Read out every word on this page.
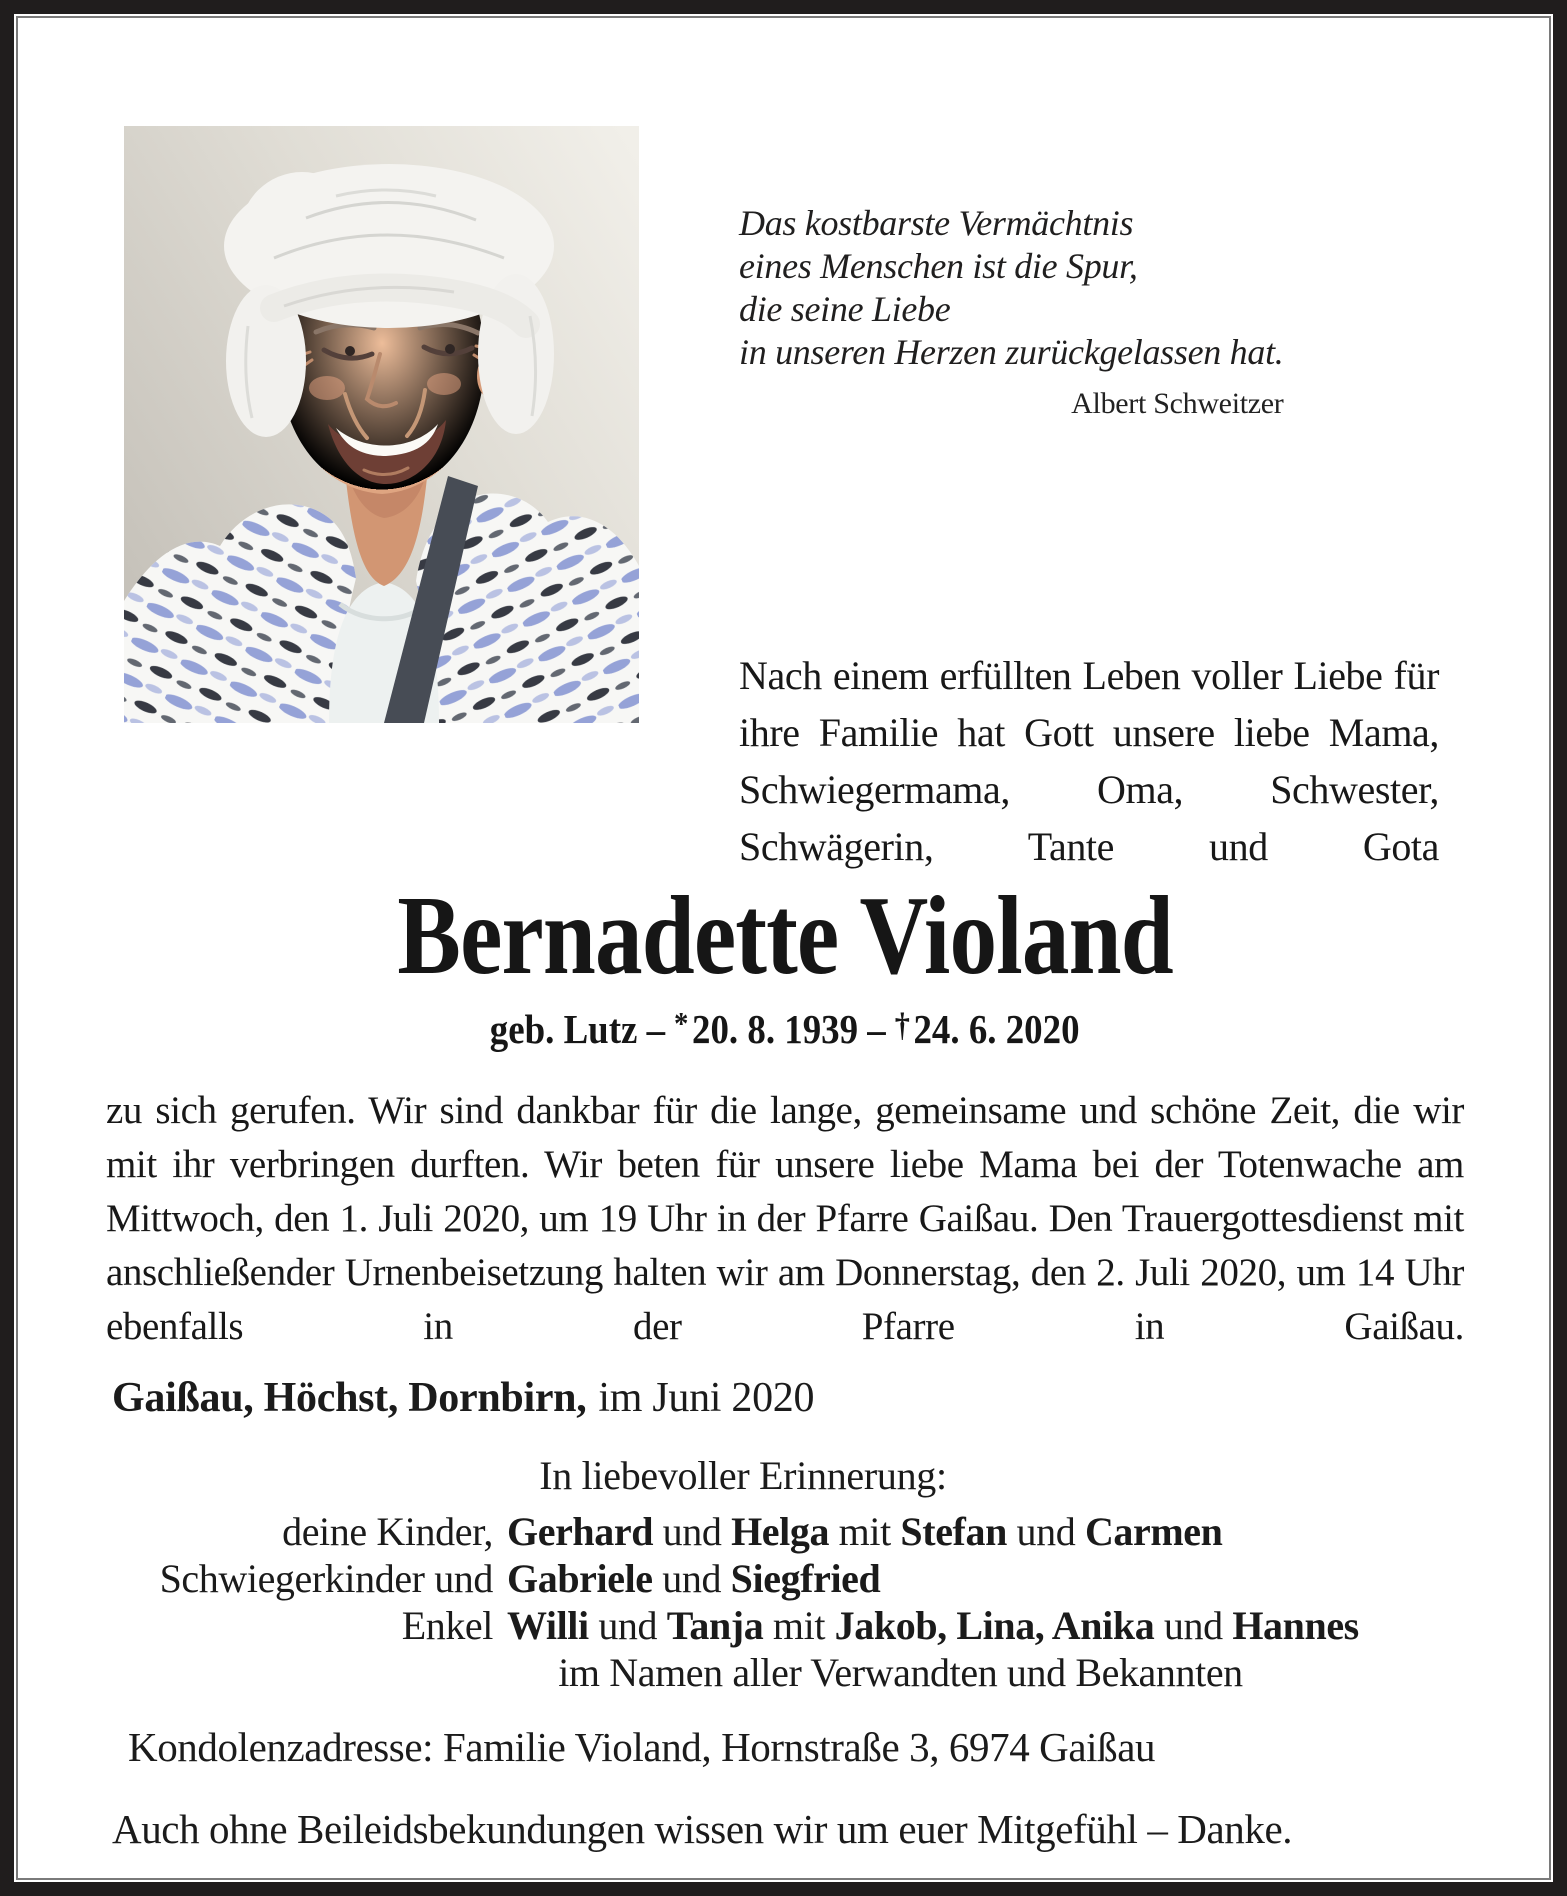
Das kostbarste Vermächtnis
eines Menschen ist die Spur,
die seine Liebe
in unseren Herzen zurückgelassen hat.
Albert Schweitzer
Nach einem erfüllten Leben voller Liebe für ihre Familie hat Gott unsere liebe Mama, Schwiegermama, Oma, Schwester, Schwägerin, Tante und Gota
Bernadette Violand
geb. Lutz – *20. 8. 1939 – †24. 6. 2020
zu sich gerufen. Wir sind dankbar für die lange, gemeinsame und schöne Zeit, die wir mit ihr verbringen durften. Wir beten für unsere liebe Mama bei der Totenwache am Mittwoch, den 1. Juli 2020, um 19 Uhr in der Pfarre Gaißau. Den Trauergottesdienst mit anschließender Urnenbeisetzung halten wir am Donnerstag, den 2. Juli 2020, um 14 Uhr ebenfalls in der Pfarre in Gaißau.
Gaißau, Höchst, Dornbirn, im Juni 2020
In liebevoller Erinnerung:
deine Kinder, Gerhard und Helga mit Stefan und Carmen
Schwiegerkinder und Gabriele und Siegfried
Enkel Willi und Tanja mit Jakob, Lina, Anika und Hannes
im Namen aller Verwandten und Bekannten
Kondolenzadresse: Familie Violand, Hornstraße 3, 6974 Gaißau
Auch ohne Beileidsbekundungen wissen wir um euer Mitgefühl – Danke.
